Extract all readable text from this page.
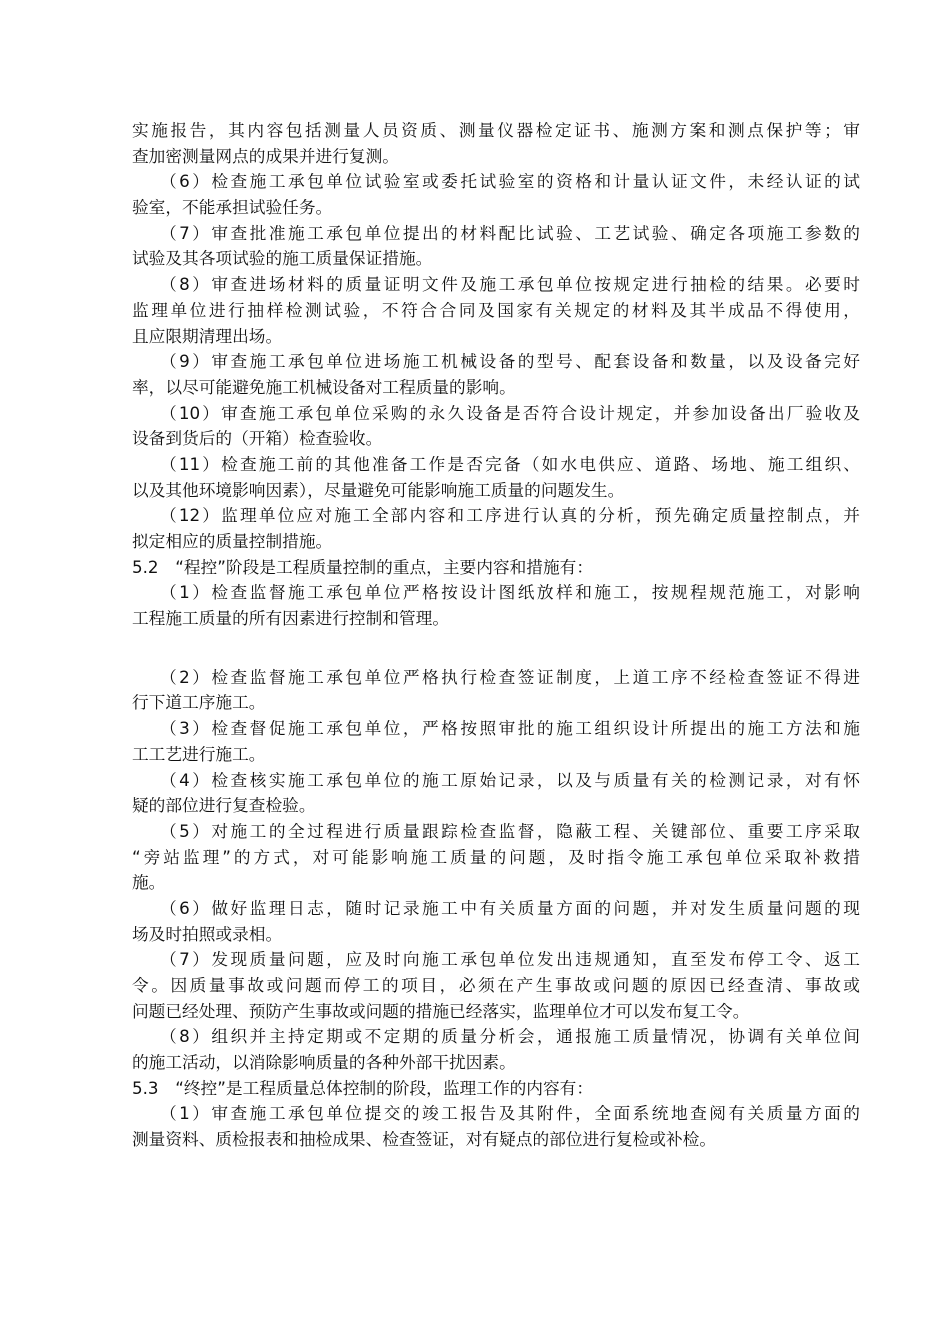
实施报告，其内容包括测量人员资质、测量仪器检定证书、施测方案和测点保护等；审
查加密测量网点的成果并进行复测。
（6）检查施工承包单位试验室或委托试验室的资格和计量认证文件，未经认证的试
验室，不能承担试验任务。
（7）审查批准施工承包单位提出的材料配比试验、工艺试验、确定各项施工参数的
试验及其各项试验的施工质量保证措施。
（8）审查进场材料的质量证明文件及施工承包单位按规定进行抽检的结果。必要时
监理单位进行抽样检测试验，不符合合同及国家有关规定的材料及其半成品不得使用，
且应限期清理出场。
（9）审查施工承包单位进场施工机械设备的型号、配套设备和数量，以及设备完好
率，以尽可能避免施工机械设备对工程质量的影响。
（10）审查施工承包单位采购的永久设备是否符合设计规定，并参加设备出厂验收及
设备到货后的（开箱）检查验收。
（11）检查施工前的其他准备工作是否完备（如水电供应、道路、场地、施工组织、
以及其他环境影响因素），尽量避免可能影响施工质量的问题发生。
（12）监理单位应对施工全部内容和工序进行认真的分析，预先确定质量控制点，并
拟定相应的质量控制措施。
5.2　“程控”阶段是工程质量控制的重点，主要内容和措施有：
（1）检查监督施工承包单位严格按设计图纸放样和施工，按规程规范施工，对影响
工程施工质量的所有因素进行控制和管理。
（2）检查监督施工承包单位严格执行检查签证制度，上道工序不经检查签证不得进
行下道工序施工。
（3）检查督促施工承包单位，严格按照审批的施工组织设计所提出的施工方法和施
工工艺进行施工。
（4）检查核实施工承包单位的施工原始记录，以及与质量有关的检测记录，对有怀
疑的部位进行复查检验。
（5）对施工的全过程进行质量跟踪检查监督，隐蔽工程、关键部位、重要工序采取
“旁站监理”的方式，对可能影响施工质量的问题，及时指令施工承包单位采取补救措
施。
（6）做好监理日志，随时记录施工中有关质量方面的问题，并对发生质量问题的现
场及时拍照或录相。
（7）发现质量问题，应及时向施工承包单位发出违规通知，直至发布停工令、返工
令。因质量事故或问题而停工的项目，必须在产生事故或问题的原因已经查清、事故或
问题已经处理、预防产生事故或问题的措施已经落实，监理单位才可以发布复工令。
（8）组织并主持定期或不定期的质量分析会，通报施工质量情况，协调有关单位间
的施工活动，以消除影响质量的各种外部干扰因素。
5.3　“终控”是工程质量总体控制的阶段，监理工作的内容有：
（1）审查施工承包单位提交的竣工报告及其附件，全面系统地查阅有关质量方面的
测量资料、质检报表和抽检成果、检查签证，对有疑点的部位进行复检或补检。
